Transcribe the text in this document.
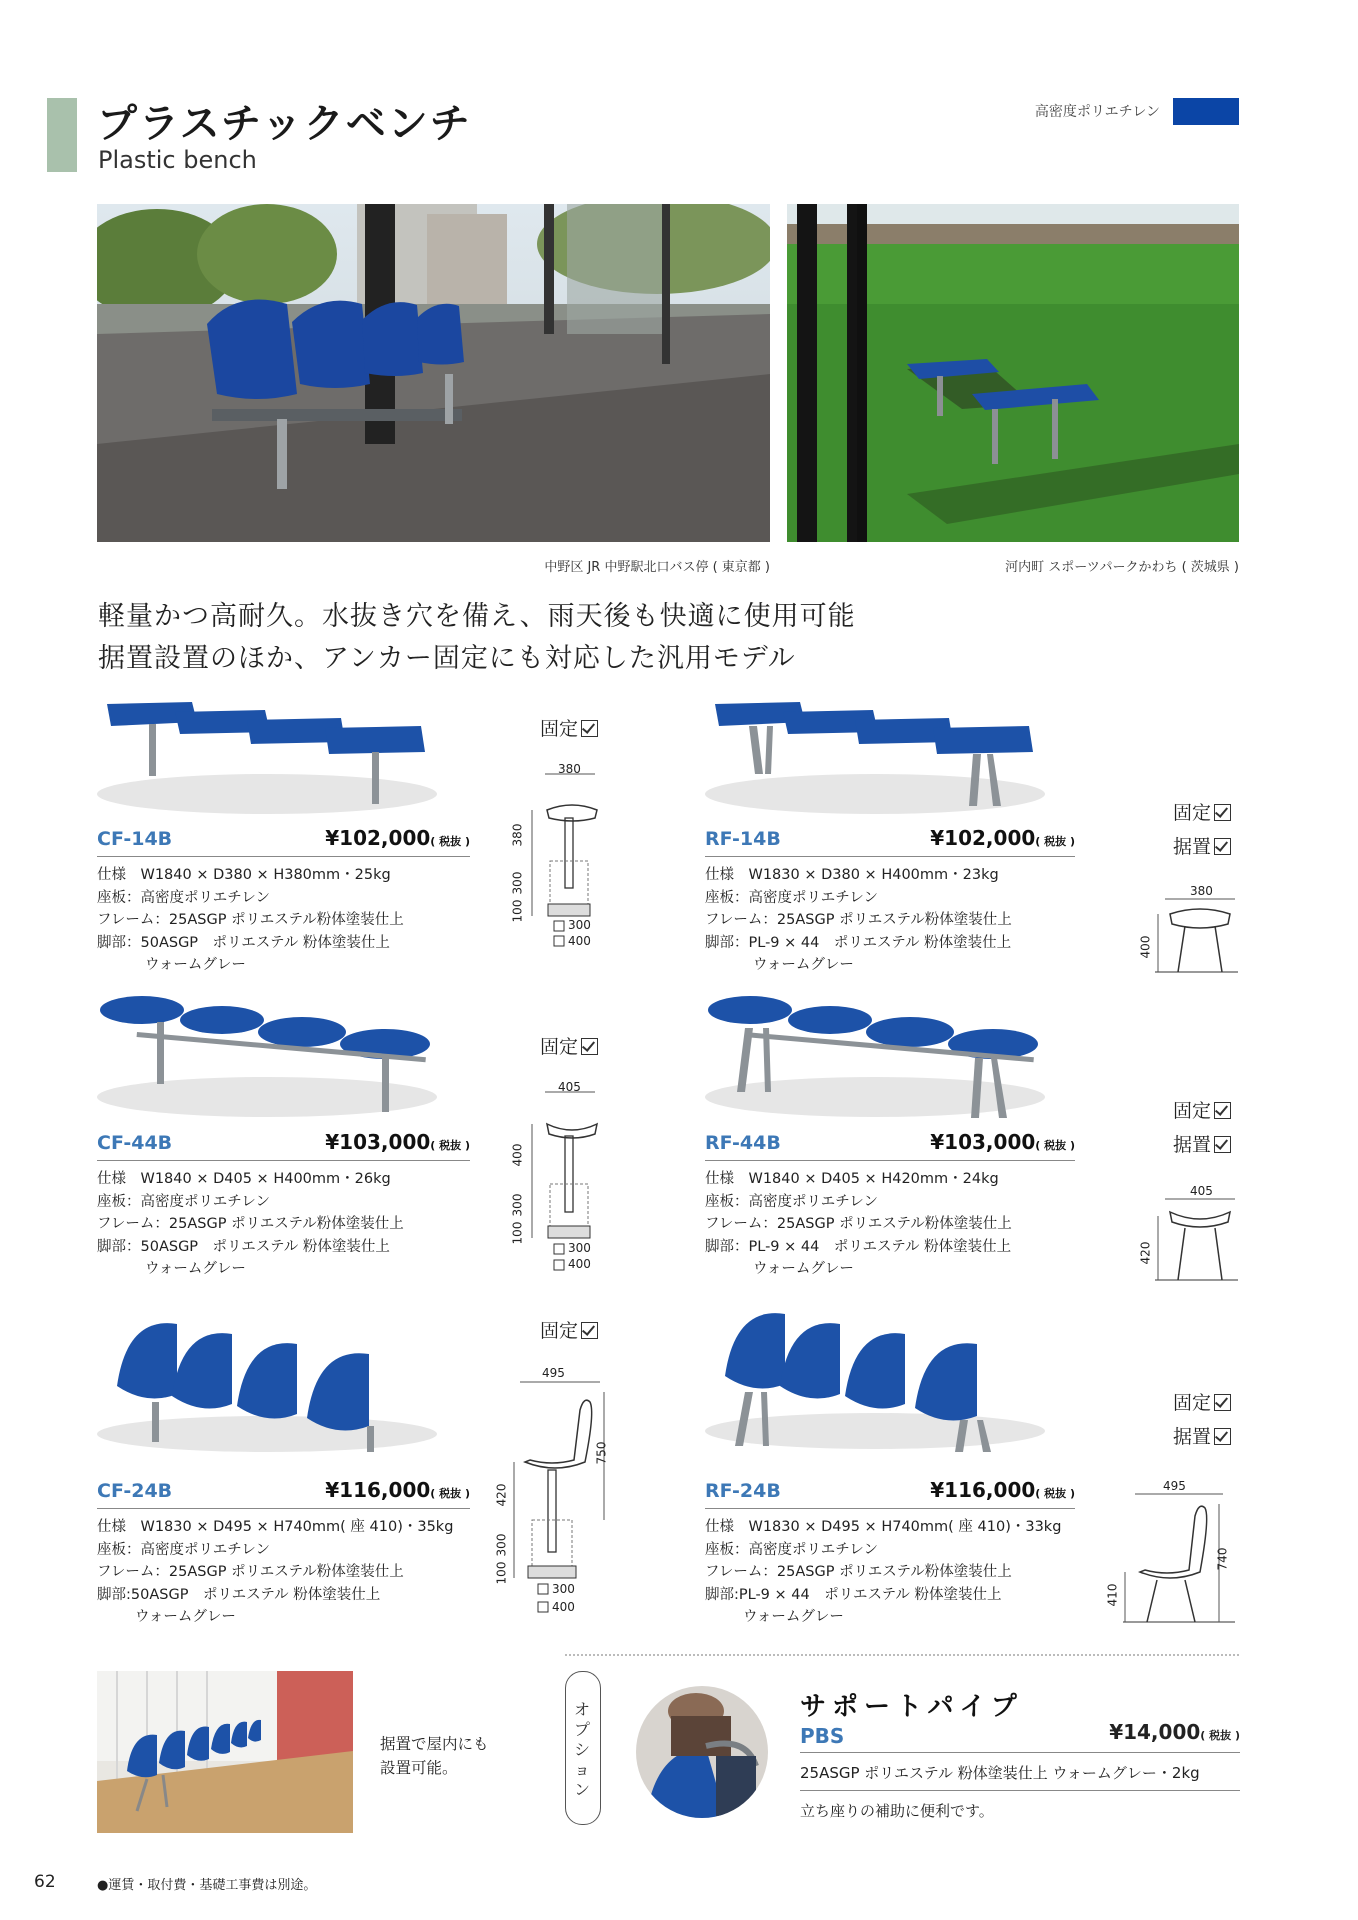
プラスチックベンチ
Plastic bench
高密度ポリエチレン
中野区 JR 中野駅北口バス停 ( 東京都 )	河内町 スポーツパークかわち ( 茨城県 )
軽量かつ高耐久。水抜き穴を備え、雨天後も快適に使用可能
据置設置のほか、アンカー固定にも対応した汎用モデル
CF-14B	¥102,000( 税抜 )
仕様　W1840 × D380 × H380mm・25kg
座板：高密度ポリエチレン
フレーム：25ASGP ポリエステル粉体塗装仕上
脚部：50ASGP　ポリエステル 粉体塗装仕上
ウォームグレー
固定
380
380
300
100
300
400
RF-14B	¥102,000( 税抜 )
仕様　W1830 × D380 × H400mm・23kg
座板：高密度ポリエチレン
フレーム：25ASGP ポリエステル粉体塗装仕上
脚部：PL-9 × 44　ポリエステル 粉体塗装仕上
ウォームグレー
固定
据置
380
400
CF-44B	¥103,000( 税抜 )
仕様　W1840 × D405 × H400mm・26kg
座板：高密度ポリエチレン
フレーム：25ASGP ポリエステル粉体塗装仕上
脚部：50ASGP　ポリエステル 粉体塗装仕上
ウォームグレー
固定
405
400
300
100
300
400
RF-44B	¥103,000( 税抜 )
仕様　W1840 × D405 × H420mm・24kg
座板：高密度ポリエチレン
フレーム：25ASGP ポリエステル粉体塗装仕上
脚部：PL-9 × 44　ポリエステル 粉体塗装仕上
ウォームグレー
固定
据置
405
420
CF-24B	¥116,000( 税抜 )
仕様　W1830 × D495 × H740mm( 座 410)・35kg
座板：高密度ポリエチレン
フレーム：25ASGP ポリエステル粉体塗装仕上
脚部:50ASGP　ポリエステル 粉体塗装仕上
ウォームグレー
固定
495
420
300
100
750
300
400
RF-24B	¥116,000( 税抜 )
仕様　W1830 × D495 × H740mm( 座 410)・33kg
座板：高密度ポリエチレン
フレーム：25ASGP ポリエステル粉体塗装仕上
脚部:PL-9 × 44　ポリエステル 粉体塗装仕上
ウォームグレー
固定
据置
495
410
740
据置で屋内にも
設置可能。
オプション
サポートパイプ
PBS	¥14,000( 税抜 )
25ASGP ポリエステル 粉体塗装仕上 ウォームグレー・2kg
立ち座りの補助に便利です。
62	●運賃・取付費・基礎工事費は別途。
